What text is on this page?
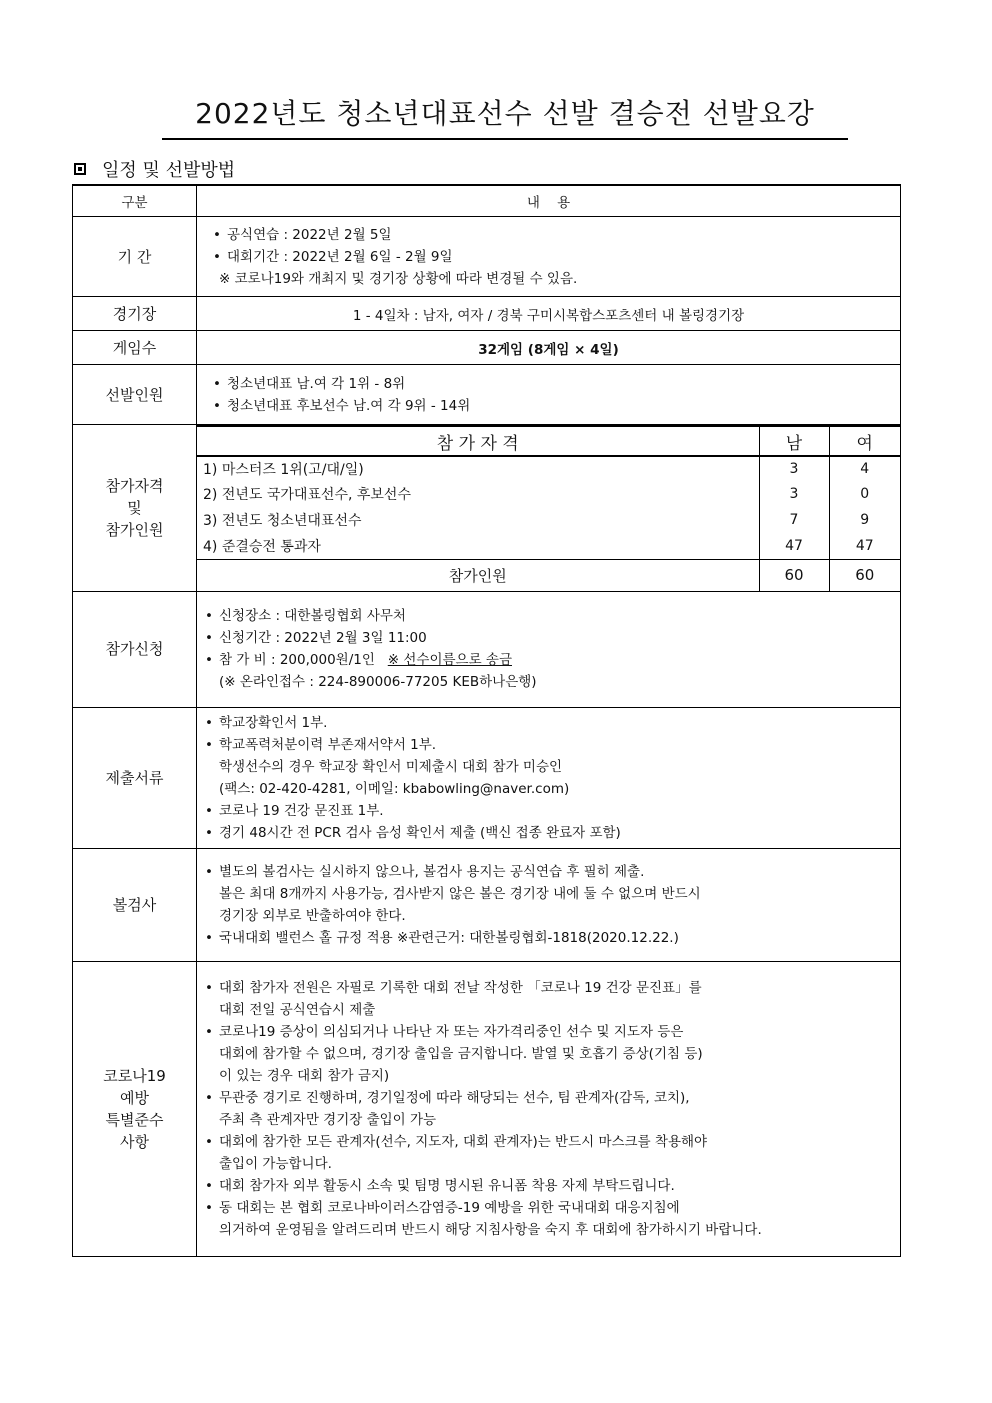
2022년도 청소년대표선수 선발 결승전 선발요강
일정 및 선발방법
구분	내    용
기 간	
• 공식연습 : 2022년 2월 5일
• 대회기간 : 2022년 2월 6일 - 2월 9일
※ 코로나19와 개최지 및 경기장 상황에 따라 변경될 수 있음.

경기장	1 - 4일차 : 남자, 여자 / 경북 구미시복합스포츠센터 내 볼링경기장
게임수	32게임 (8게임 × 4일)
선발인원	
• 청소년대표 남.여 각 1위 - 8위
• 청소년대표 후보선수 남.여 각 9위 - 14위

참가자격
및
참가인원

참 가 자 격	남	여
1) 마스터즈 1위(고/대/일)	3	4
2) 전년도 국가대표선수, 후보선수	3	0
3) 전년도 청소년대표선수	7	9
4) 준결승전 통과자	47	47
참가인원	60	60

참가신청	
• 신청장소 : 대한볼링협회 사무처
• 신청기간 : 2022년 2월 3일 11:00
• 참 가 비 : 200,000원/1인 ※ 선수이름으로 송금
(※ 온라인접수 : 224-890006-77205 KEB하나은행)

제출서류	
• 학교장확인서 1부.
• 학교폭력처분이력 부존재서약서 1부.
학생선수의 경우 학교장 확인서 미제출시 대회 참가 미승인
(팩스: 02-420-4281, 이메일: kbabowling@naver.com)
• 코로나 19 건강 문진표 1부.
• 경기 48시간 전 PCR 검사 음성 확인서 제출 (백신 접종 완료자 포함)

볼검사	
• 별도의 볼검사는 실시하지 않으나, 볼검사 용지는 공식연습 후 필히 제출.
볼은 최대 8개까지 사용가능, 검사받지 않은 볼은 경기장 내에 둘 수 없으며 반드시
경기장 외부로 반출하여야 한다.
• 국내대회 밸런스 홀 규정 적용 ※관련근거: 대한볼링협회-1818(2020.12.22.)

코로나19
예방
특별준수
사항

• 대회 참가자 전원은 자필로 기록한 대회 전날 작성한 「코로나 19 건강 문진표」를
대회 전일 공식연습시 제출
• 코로나19 증상이 의심되거나 나타난 자 또는 자가격리중인 선수 및 지도자 등은
대회에 참가할 수 없으며, 경기장 출입을 금지합니다. 발열 및 호흡기 증상(기침 등)
이 있는 경우 대회 참가 금지)
• 무관중 경기로 진행하며, 경기일정에 따라 해당되는 선수, 팀 관계자(감독, 코치),
주최 측 관계자만 경기장 출입이 가능
• 대회에 참가한 모든 관계자(선수, 지도자, 대회 관계자)는 반드시 마스크를 착용해야
출입이 가능합니다.
• 대회 참가자 외부 활동시 소속 및 팀명 명시된 유니폼 착용 자제 부탁드립니다.
• 동 대회는 본 협회 코로나바이러스감염증-19 예방을 위한 국내대회 대응지침에
의거하여 운영됨을 알려드리며 반드시 해당 지침사항을 숙지 후 대회에 참가하시기 바랍니다.
